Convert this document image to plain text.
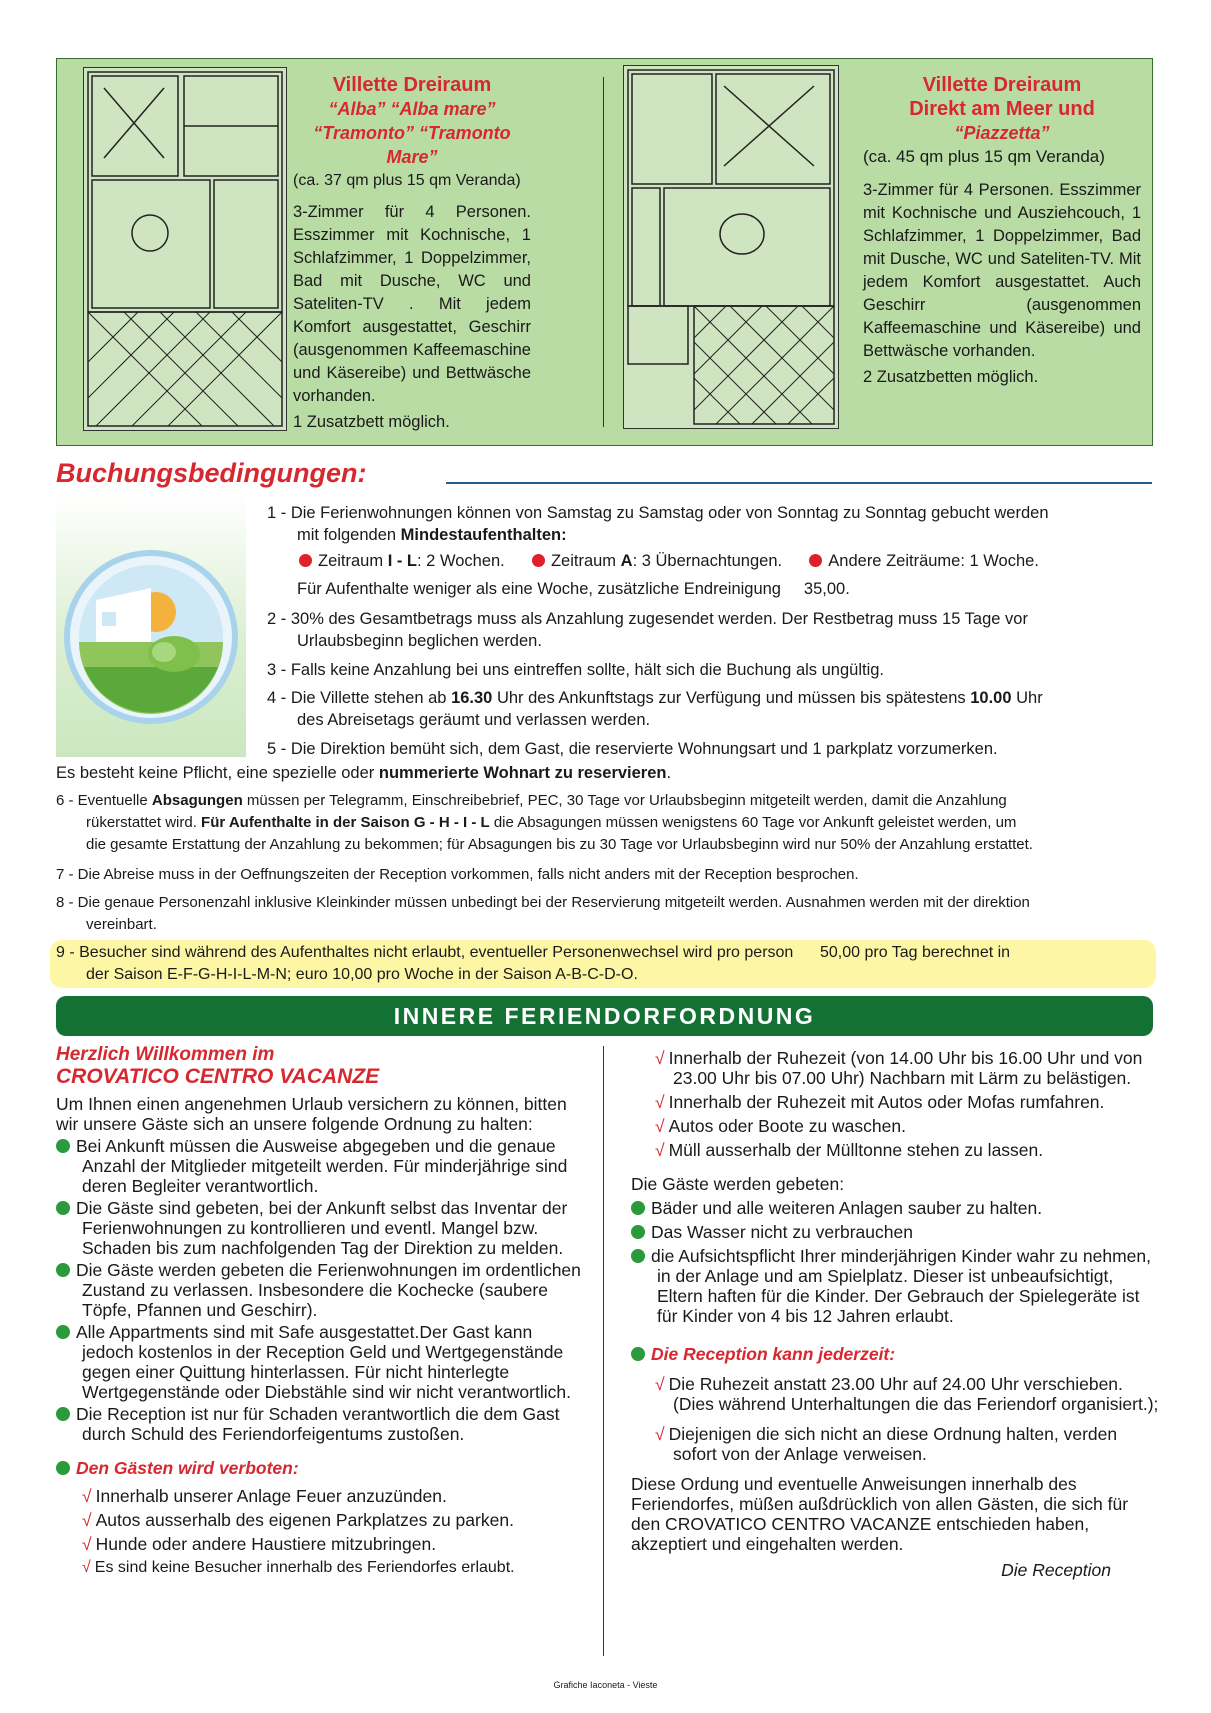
Villette Dreiraum
“Alba” “Alba mare”
“Tramonto” “Tramonto Mare”
(ca. 37 qm plus 15 qm Veranda)
3-Zimmer für 4 Personen. Esszimmer mit Kochnische, 1 Schlafzimmer, 1 Doppelzimmer, Bad mit Dusche, WC und Sateliten-TV . Mit jedem Komfort ausgestattet, Geschirr (ausgenommen Kaffeemaschine und Käsereibe) und Bettwäsche vorhanden.
1 Zusatzbett möglich.
Villette Dreiraum
Direkt am Meer und
“Piazzetta”
(ca. 45 qm plus 15 qm Veranda)
3-Zimmer für 4 Personen. Esszimmer mit Kochnische und Ausziehcouch, 1 Schlafzimmer, 1 Doppelzimmer, Bad mit Dusche, WC und Sateliten-TV. Mit jedem Komfort ausgestattet. Auch Geschirr (ausgenommen Kaffeemaschine und Käsereibe) und Bettwäsche vorhanden.
2 Zusatzbetten möglich.
Buchungsbedingungen:
1 - Die Ferienwohnungen können von Samstag zu Samstag oder von Sonntag zu Sonntag gebucht werden
mit folgenden Mindestaufenthalten:
Zeitraum I - L: 2 Wochen.	Zeitraum A: 3 Übernachtungen.	Andere Zeiträume: 1 Woche.
Für Aufenthalte weniger als eine Woche, zusätzliche Endreinigung     35,00.
2 - 30% des Gesamtbetrags muss als Anzahlung zugesendet werden. Der Restbetrag muss 15 Tage vor
Urlaubsbeginn beglichen werden.
3 - Falls keine Anzahlung bei uns eintreffen sollte, hält sich die Buchung als ungültig.
4 - Die Villette stehen ab 16.30 Uhr des Ankunftstags zur Verfügung und müssen bis spätestens 10.00 Uhr
des Abreisetags geräumt und verlassen werden.
5 - Die Direktion bemüht sich, dem Gast, die reservierte Wohnungsart und 1 parkplatz vorzumerken.
Es besteht keine Pflicht, eine spezielle oder nummerierte Wohnart zu reservieren.
6 - Eventuelle Absagungen müssen per Telegramm, Einschreibebrief, PEC, 30 Tage vor Urlaubsbeginn mitgeteilt werden, damit die Anzahlung
rükerstattet wird. Für Aufenthalte in der Saison G - H - I - L die Absagungen müssen wenigstens 60 Tage vor Ankunft geleistet werden, um
die gesamte Erstattung der Anzahlung zu bekommen; für Absagungen bis zu 30 Tage vor Urlaubsbeginn wird nur 50% der Anzahlung erstattet.
7 - Die Abreise muss in der Oeffnungszeiten der Reception vorkommen, falls nicht anders mit der Reception besprochen.
8 - Die genaue Personenzahl inklusive Kleinkinder müssen unbedingt bei der Reservierung mitgeteilt werden. Ausnahmen werden mit der direktion
vereinbart.
9 - Besucher sind während des Aufenthaltes nicht erlaubt, eventueller Personenwechsel wird pro person      50,00 pro Tag berechnet in
der Saison E-F-G-H-I-L-M-N; euro 10,00 pro Woche in der Saison A-B-C-D-O.
INNERE FERIENDORFORDNUNG
Herzlich Willkommen im
CROVATICO CENTRO VACANZE
Um Ihnen einen angenehmen Urlaub versichern zu können, bitten wir unsere Gäste sich an unsere folgende Ordnung zu halten:
Bei Ankunft müssen die Ausweise abgegeben und die genaue Anzahl der Mitglieder mitgeteilt werden. Für minderjährige sind deren Begleiter verantwortlich.
Die Gäste sind gebeten, bei der Ankunft selbst das Inventar der Ferienwohnungen zu kontrollieren und eventl. Mangel bzw. Schaden bis zum nachfolgenden Tag der Direktion zu melden.
Die Gäste werden gebeten die Ferienwohnungen im ordentlichen Zustand zu verlassen. Insbesondere die Kochecke (saubere Töpfe, Pfannen und Geschirr).
Alle Appartments sind mit Safe ausgestattet.Der Gast kann jedoch kostenlos in der Reception Geld und Wertgegenstände gegen einer Quittung hinterlassen. Für nicht hinterlegte Wertgegenstände oder Diebstähle sind wir nicht verantwortlich.
Die Reception ist nur für Schaden verantwortlich die dem Gast durch Schuld des Feriendorfeigentums zustoßen.
Den Gästen wird verboten:
√ Innerhalb unserer Anlage Feuer anzuzünden.
√ Autos ausserhalb des eigenen Parkplatzes zu parken.
√ Hunde oder andere Haustiere mitzubringen.
√ Es sind keine Besucher innerhalb des Feriendorfes erlaubt.
√ Innerhalb der Ruhezeit (von 14.00 Uhr bis 16.00 Uhr und von 23.00 Uhr bis 07.00 Uhr) Nachbarn mit Lärm zu belästigen.
√ Innerhalb der Ruhezeit mit Autos oder Mofas rumfahren.
√ Autos oder Boote zu waschen.
√ Müll ausserhalb der Mülltonne stehen zu lassen.
Die Gäste werden gebeten:
Bäder und alle weiteren Anlagen sauber zu halten.
Das Wasser nicht zu verbrauchen
die Aufsichtspflicht Ihrer minderjährigen Kinder wahr zu nehmen, in der Anlage und am Spielplatz. Dieser ist unbeaufsichtigt, Eltern haften für die Kinder. Der Gebrauch der Spielegeräte ist für Kinder von 4 bis 12 Jahren erlaubt.
Die Reception kann jederzeit:
√ Die Ruhezeit anstatt 23.00 Uhr auf 24.00 Uhr verschieben. (Dies während Unterhaltungen die das Feriendorf organisiert.);
√ Diejenigen die sich nicht an diese Ordnung halten, verden sofort von der Anlage verweisen.
Diese Ordung und eventuelle Anweisungen innerhalb des Feriendorfes, müßen außdrücklich von allen Gästen, die sich für den CROVATICO CENTRO VACANZE entschieden haben, akzeptiert und eingehalten werden.
Die Reception
Grafiche Iaconeta - Vieste
